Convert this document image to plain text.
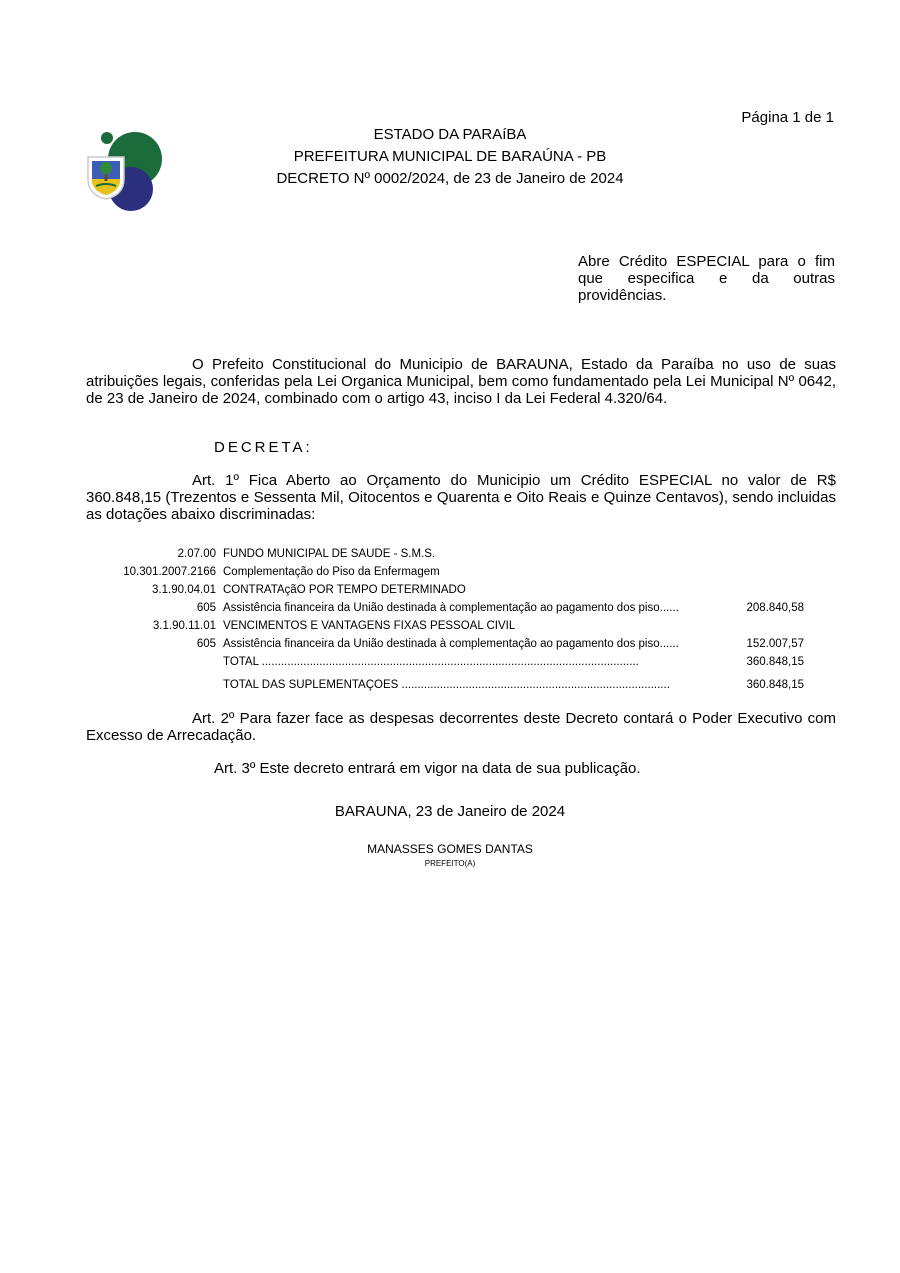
Página 1 de 1
ESTADO DA PARAíBA
PREFEITURA MUNICIPAL DE BARAÚNA - PB
DECRETO Nº 0002/2024, de 23 de Janeiro de 2024
Abre Crédito ESPECIAL para o fim que especifica e da outras providências.
O Prefeito Constitucional do Municipio de BARAUNA, Estado da Paraíba no uso de suas atribuições legais, conferidas pela Lei Organica Municipal, bem como fundamentado pela Lei Municipal Nº 0642, de 23 de Janeiro de 2024, combinado com o artigo 43, inciso I da Lei Federal 4.320/64.
DECRETA:
Art. 1º Fica Aberto ao Orçamento do Municipio um Crédito ESPECIAL no valor de R$ 360.848,15 (Trezentos e Sessenta Mil, Oitocentos e Quarenta e Oito Reais e Quinze Centavos), sendo incluidas as dotações abaixo discriminadas:
2.07.00 FUNDO MUNICIPAL DE SAÚDE - S.M.S.
10.301.2007.2166 Complementação do Piso da Enfermagem
3.1.90.04.01 CONTRATAçãO POR TEMPO DETERMINADO
605 Assistência financeira da União destinada à complementação ao pagamento dos piso......	208.840,58
3.1.90.11.01 VENCIMENTOS E VANTAGENS FIXAS PESSOAL CÍVIL
605 Assistência financeira da União destinada à complementação ao pagamento dos piso......	152.007,57
TOTAL ......................................................................................................................	360.848,15
TOTAL DAS SUPLEMENTAÇÕES ....................................................................................	360.848,15
Art. 2º Para fazer face as despesas decorrentes deste Decreto contará o Poder Executivo com Excesso de Arrecadação.
Art. 3º Este decreto entrará em vigor na data de sua publicação.
BARAUNA, 23 de Janeiro de 2024
MANASSES GOMES DANTAS
PREFEITO(A)
